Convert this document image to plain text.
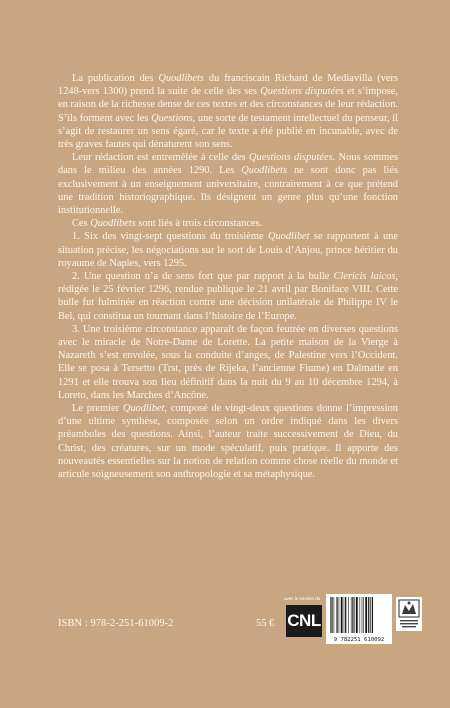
La publication des Quodlibets du franciscain Richard de Mediavilla (vers 1248-vers 1300) prend la suite de celle des ses Questions disputées et s’impose, en raison de la richesse dense de ces textes et des circonstances de leur rédaction. S’ils forment avec les Questions, une sorte de testament intellectuel du penseur, il s’agit de restaurer un sens égaré, car le texte a été publié en incunable, avec de très graves fautes qui dénaturent son sens.

Leur rédaction est entremêlée à celle des Questions disputées. Nous sommes dans le milieu des années 1290. Les Quodlibets ne sont donc pas liés exclusivement à un enseignement universitaire, contrairement à ce que prétend une tradition historiographique. Ils désignent un genre plus qu’une fonction institutionnelle.

Ces Quodlibets sont liés à trois circonstances.

1. Six des vingt-sept questions du troisième Quodlibet se rapportent à une situation précise, les négociations sur le sort de Louis d’Anjou, prince héritier du royaume de Naples, vers 1295.

2. Une question n’a de sens fort que par rapport à la bulle Clericis laicos, rédigée le 25 février 1296, rendue publique le 21 avril par Boniface VIII. Cette bulle fut fulminée en réaction contre une décision unilatérale de Philippe IV le Bel, qui constitua un tournant dans l’histoire de l’Europe.

3. Une troisième circonstance apparaît de façon feutrée en diverses questions avec le miracle de Notre-Dame de Lorette. La petite maison de la Vierge à Nazareth s’est envolée, sous la conduite d’anges, de Palestine vers l’Occident. Elle se posa à Tersetto (Trst, près de Rijeka, l’ancienne Fiume) en Dalmatie en 1291 et elle trouva son lieu définitif dans la nuit du 9 au 10 décembre 1294, à Loreto, dans les Marches d’Ancône.

Le premier Quodlibet, composé de vingt-deux questions donne l’impression d’une ultime synthèse, composée selon un ordre indiqué dans les divers préambules des questions. Ainsi, l’auteur traite successivement de Dieu, du Christ, des créatures, sur un mode spéculatif, puis pratique. Il apporte des nouveautés essentielles sur la notion de relation comme chose réelle du monde et articule soigneusement son anthropologie et sa métaphysique.

ISBN : 978-2-251-61009-2	55 €
avec le soutien du
CNL
9 782251 610092
